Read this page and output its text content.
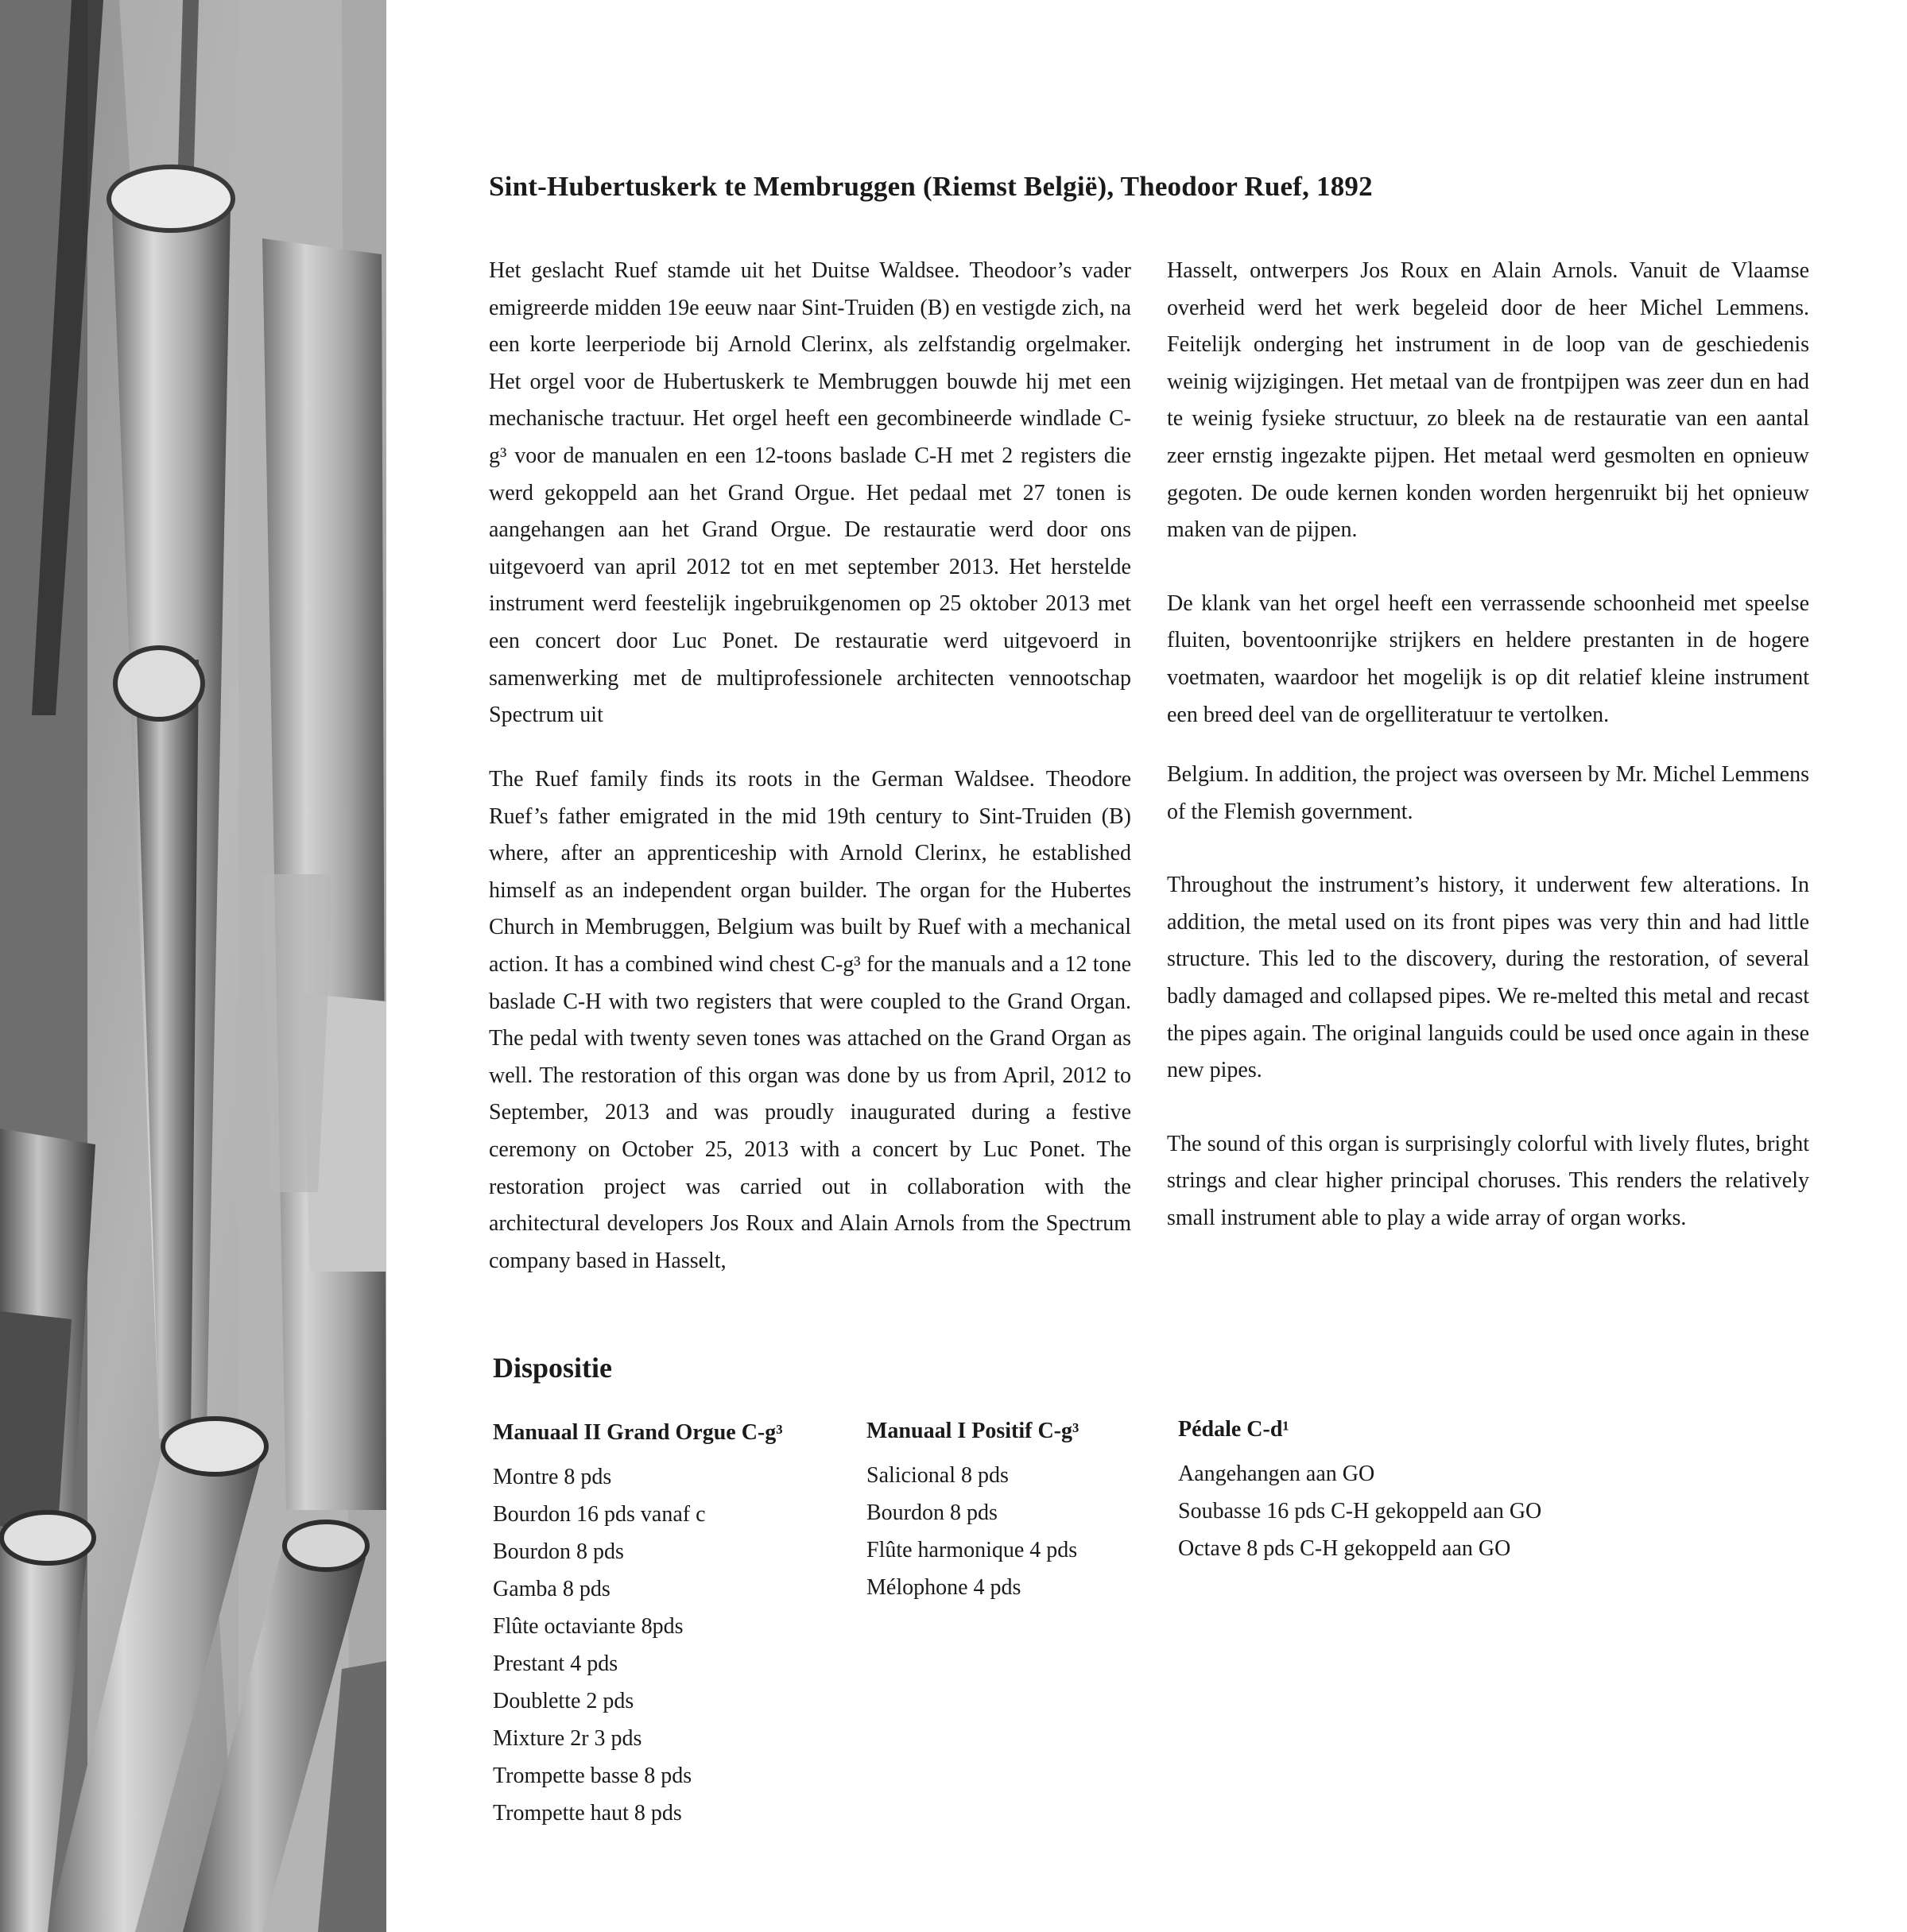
Sint-Hubertuskerk te Membruggen (Riemst België), Theodoor Ruef, 1892

Het geslacht Ruef stamde uit het Duitse Waldsee. Theodoor’s vader emigreerde midden 19e eeuw naar Sint-Truiden (B) en vestigde zich, na een korte leerperiode bij Arnold Clerinx, als zelfstandig orgelmaker. Het orgel voor de Hubertuskerk te Membruggen bouwde hij met een mechanische tractuur. Het orgel heeft een gecombineerde windlade C-g³ voor de manualen en een 12-toons baslade C-H met 2 registers die werd gekoppeld aan het Grand Orgue. Het pedaal met 27 tonen is aangehangen aan het Grand Orgue. De restauratie werd door ons uitgevoerd van april 2012 tot en met september 2013. Het herstelde instrument werd feestelijk ingebruikgenomen op 25 oktober 2013 met een concert door Luc Ponet. De restauratie werd uitgevoerd in samenwerking met de multiprofessionele architecten vennootschap Spectrum uit

Hasselt, ontwerpers Jos Roux en Alain Arnols. Vanuit de Vlaamse overheid werd het werk begeleid door de heer Michel Lemmens. Feitelijk onderging het instrument in de loop van de geschiedenis weinig wijzigingen. Het metaal van de frontpijpen was zeer dun en had te weinig fysieke structuur, zo bleek na de restauratie van een aantal zeer ernstig ingezakte pijpen. Het metaal werd gesmolten en opnieuw gegoten. De oude kernen konden worden hergenruikt bij het opnieuw maken van de pijpen.

De klank van het orgel heeft een verrassende schoonheid met speelse fluiten, boventoonrijke strijkers en heldere prestanten in de hogere voetmaten, waardoor het mogelijk is op dit relatief kleine instrument een breed deel van de orgelliteratuur te vertolken.

The Ruef family finds its roots in the German Waldsee. Theodore Ruef’s father emigrated in the mid 19th century to Sint-Truiden (B) where, after an apprenticeship with Arnold Clerinx, he established himself as an independent organ builder. The organ for the Hubertes Church in Membruggen, Belgium was built by Ruef with a mechanical action. It has a combined wind chest C-g³ for the manuals and a 12 tone baslade C-H with two registers that were coupled to the Grand Organ. The pedal with twenty seven tones was attached on the Grand Organ as well. The restoration of this organ was done by us from April, 2012 to September, 2013 and was proudly inaugurated during a festive ceremony on October 25, 2013 with a concert by Luc Ponet. The restoration project was carried out in collaboration with the architectural developers Jos Roux and Alain Arnols from the Spectrum company based in Hasselt,

Belgium. In addition, the project was overseen by Mr. Michel Lemmens of the Flemish government.

Throughout the instrument’s history, it underwent few alterations. In addition, the metal used on its front pipes was very thin and had little structure. This led to the discovery, during the restoration, of several badly damaged and collapsed pipes. We re-melted this metal and recast the pipes again. The original languids could be used once again in these new pipes.

The sound of this organ is surprisingly colorful with lively flutes, bright strings and clear higher principal choruses. This renders the relatively small instrument able to play a wide array of organ works.

Dispositie
Manuaal II Grand Orgue C-g³
Montre 8 pds
Bourdon 16 pds vanaf c
Bourdon 8 pds
Gamba 8 pds
Flûte octaviante 8pds
Prestant 4 pds
Doublette 2 pds
Mixture 2r 3 pds
Trompette basse 8 pds
Trompette haut 8 pds
Manuaal I Positif C-g³
Salicional 8 pds
Bourdon 8 pds
Flûte harmonique 4 pds
Mélophone 4 pds
Pédale C-d¹
Aangehangen aan GO
Soubasse 16 pds C-H gekoppeld aan GO
Octave 8 pds C-H gekoppeld aan GO
